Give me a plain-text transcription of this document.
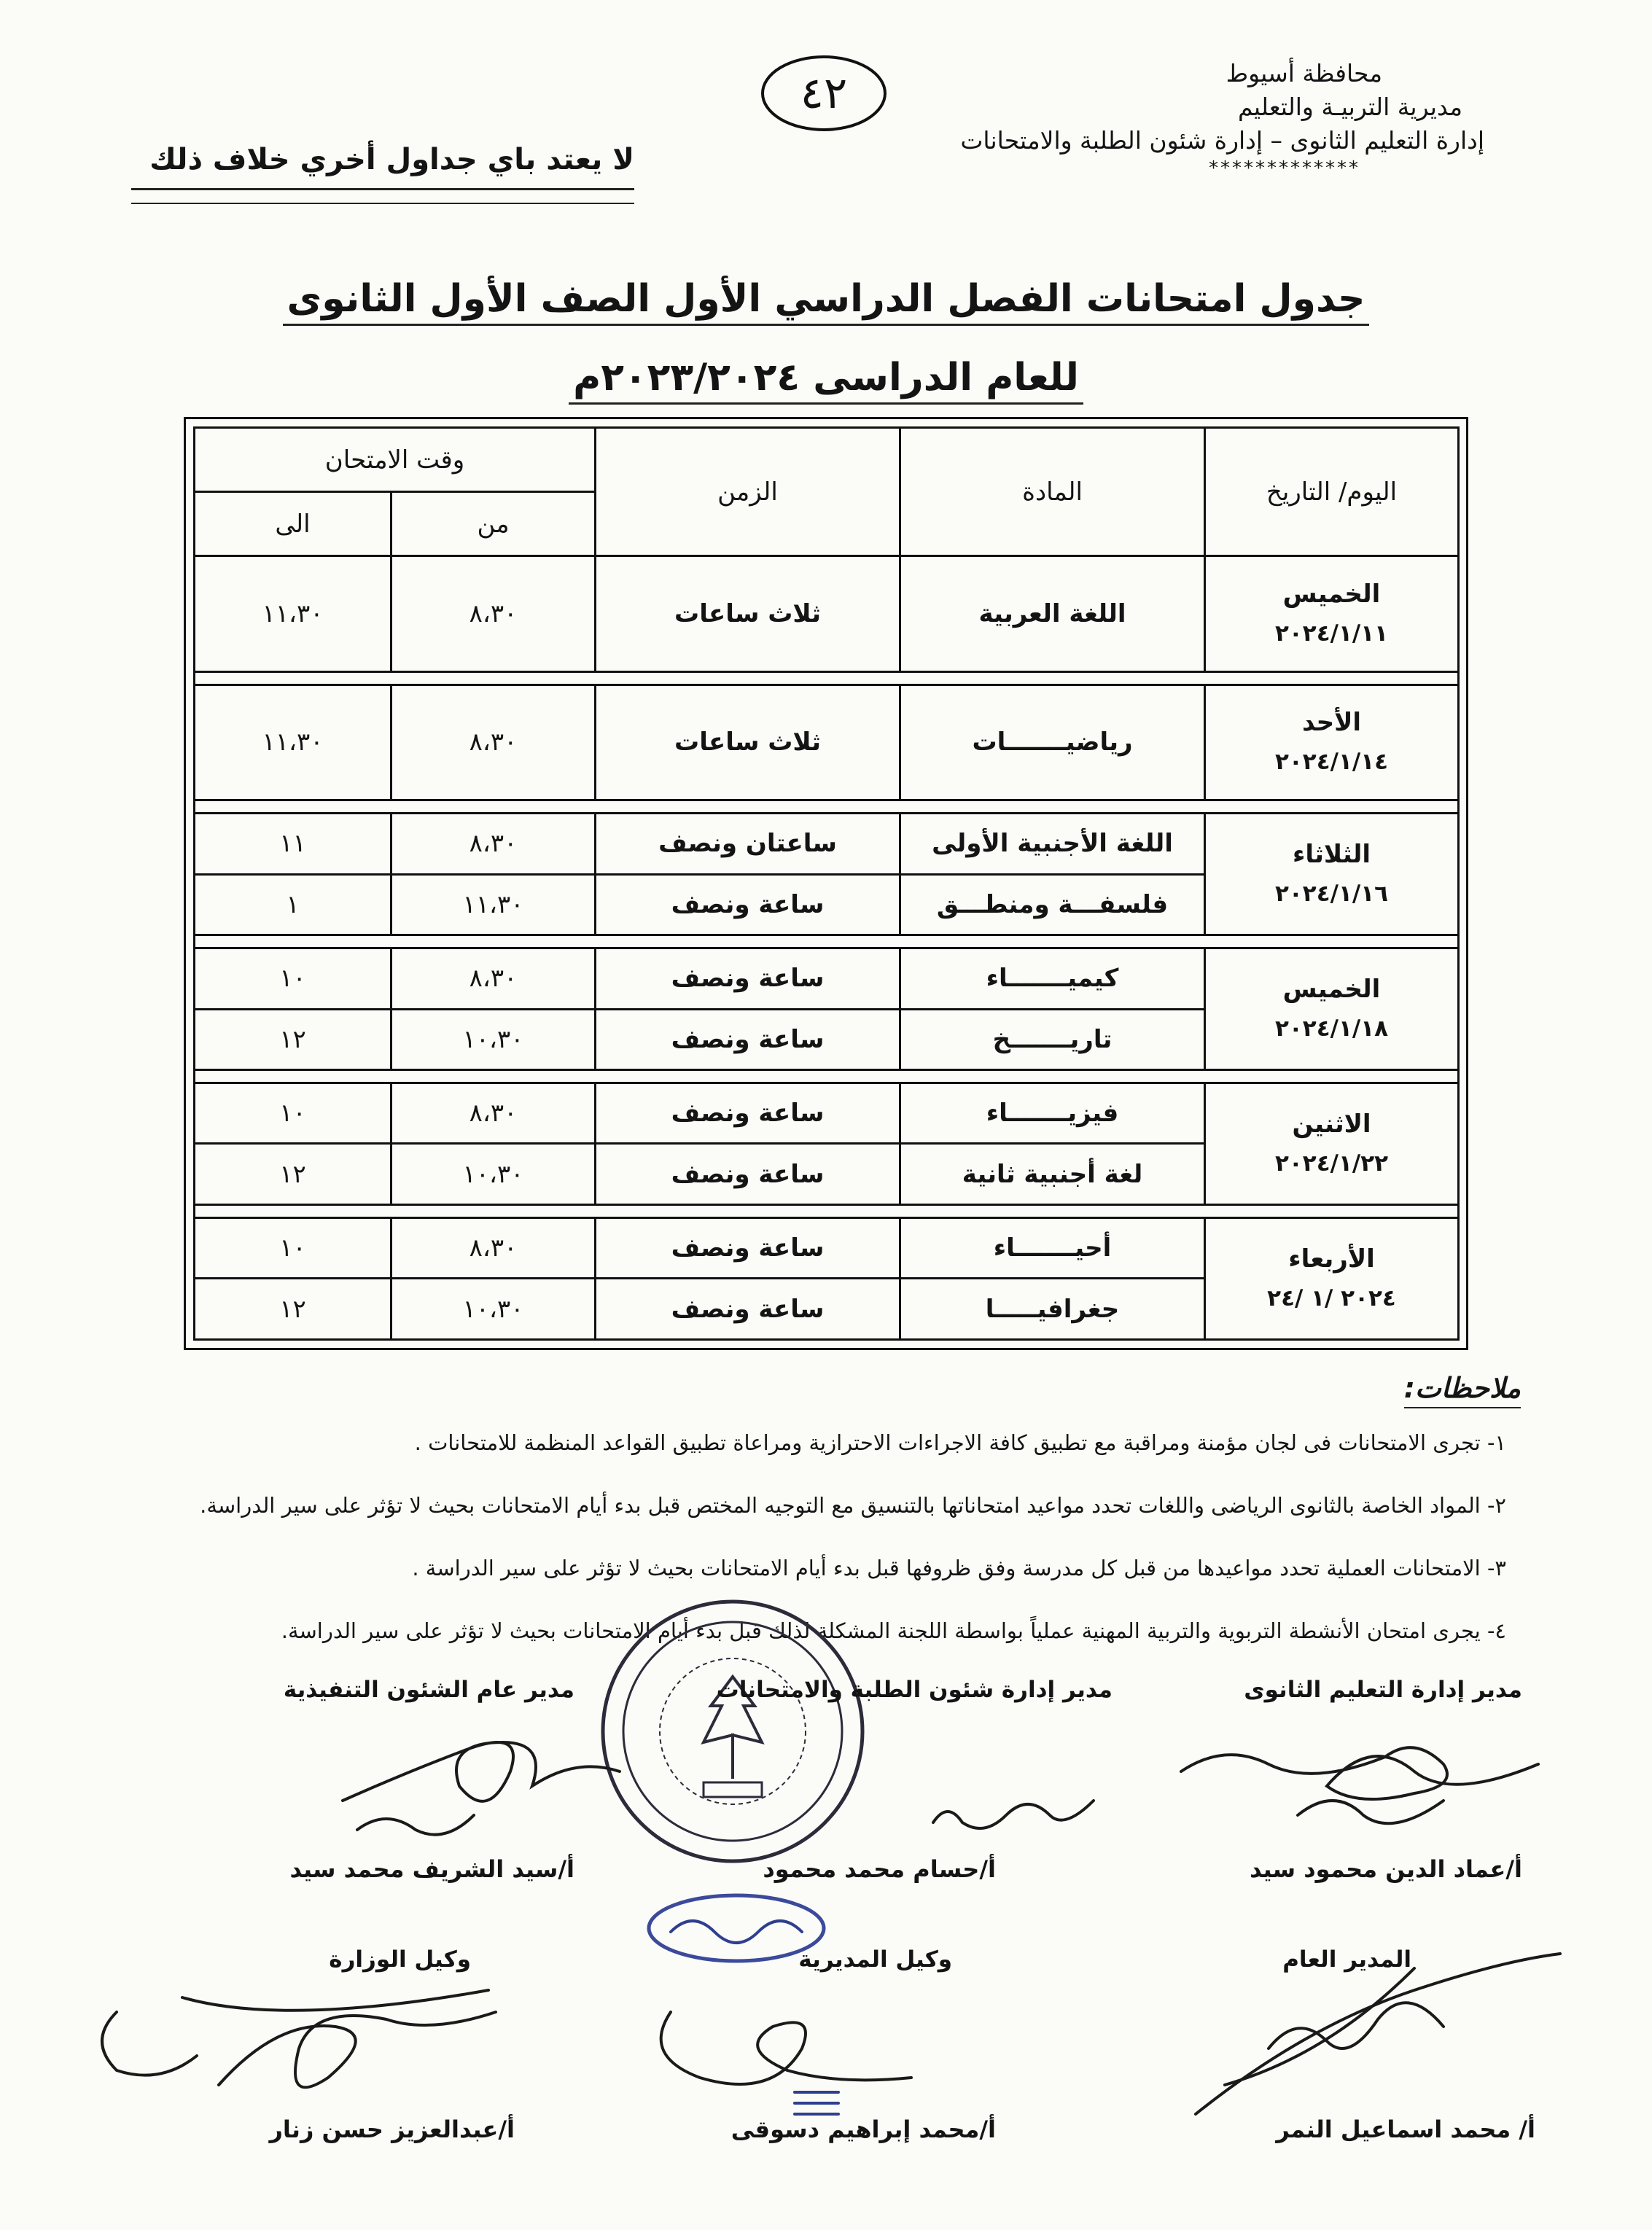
محافظة أسيوط
مديرية التربيـة والتعليم
إدارة التعليم الثانوى – إدارة شئون الطلبة والامتحانات
*************
٤٢
لا يعتد باي جداول أخري خلاف ذلك
جدول امتحانات الفصل الدراسي الأول الصف الأول الثانوى
للعام الدراسى ٢٠٢٣/٢٠٢٤م
اليوم/ التاريخ	المادة	الزمن	وقت الامتحان	
			من	الى

الخميس
٢٠٢٤/١/١١	اللغة العربية	ثلاث ساعات	٨،٣٠	١١،٣٠

الأحد
٢٠٢٤/١/١٤	رياضيـــــــات	ثلاث ساعات	٨،٣٠	١١،٣٠

الثلاثاء
٢٠٢٤/١/١٦	اللغة الأجنبية الأولى	ساعتان ونصف	٨،٣٠	١١
	فلسفـــة ومنطـــق	ساعة ونصف	١١،٣٠	١

الخميس
٢٠٢٤/١/١٨	كيميـــــــاء	ساعة ونصف	٨،٣٠	١٠
	تاريـــــــخ	ساعة ونصف	١٠،٣٠	١٢

الاثنين
٢٠٢٤/١/٢٢	فيزيـــــــاء	ساعة ونصف	٨،٣٠	١٠
	لغة أجنبية ثانية	ساعة ونصف	١٠،٣٠	١٢

الأربعاء
٢٠٢٤ /١ /٢٤	أحيـــــــاء	ساعة ونصف	٨،٣٠	١٠
	جغرافيـــــا	ساعة ونصف	١٠،٣٠	١٢
ملاحظات:
١- تجرى الامتحانات فى لجان مؤمنة ومراقبة مع تطبيق كافة الاجراءات الاحترازية ومراعاة تطبيق القواعد المنظمة للامتحانات .
٢- المواد الخاصة بالثانوى الرياضى واللغات تحدد مواعيد امتحاناتها بالتنسيق مع التوجيه المختص قبل بدء أيام الامتحانات بحيث لا تؤثر على سير الدراسة.
٣- الامتحانات العملية تحدد مواعيدها من قبل كل مدرسة وفق ظروفها قبل بدء أيام الامتحانات بحيث لا تؤثر على سير الدراسة .
٤- يجرى امتحان الأنشطة التربوية والتربية المهنية عملياً بواسطة اللجنة المشكلة لذلك قبل بدء أيام الامتحانات بحيث لا تؤثر على سير الدراسة.
مدير إدارة التعليم الثانوى
مدير إدارة شئون الطلبة والامتحانات
مدير عام الشئون التنفيذية
أ/عماد الدين محمود سيد
أ/حسام محمد محمود
أ/سيد الشريف محمد سيد
المدير العام
وكيل المديرية
وكيل الوزارة
أ/ محمد اسماعيل النمر
أ/محمد إبراهيم دسوقى
أ/عبدالعزيز حسن زنار
